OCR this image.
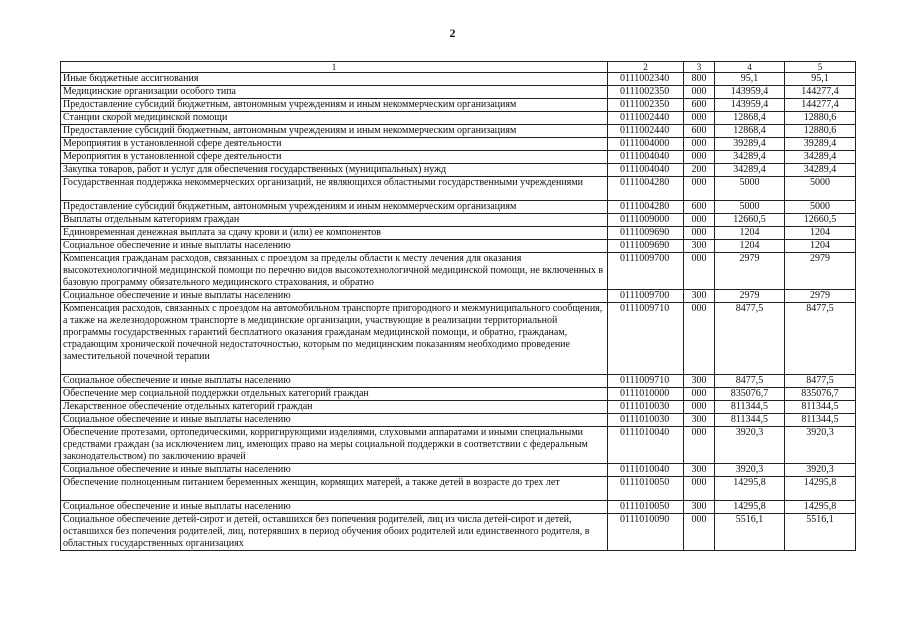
2
1	2	3	4	5
Иные бюджетные ассигнования	0111002340	800	95,1	95,1
Медицинские организации особого типа	0111002350	000	143959,4	144277,4
Предоставление субсидий бюджетным, автономным учреждениям и иным некоммерческим организациям	0111002350	600	143959,4	144277,4
Станции скорой медицинской помощи	0111002440	000	12868,4	12880,6
Предоставление субсидий бюджетным, автономным учреждениям и иным некоммерческим организациям	0111002440	600	12868,4	12880,6
Мероприятия в установленной сфере деятельности	0111004000	000	39289,4	39289,4
Мероприятия в установленной сфере деятельности	0111004040	000	34289,4	34289,4
Закупка товаров, работ и услуг для обеспечения государственных (муниципальных) нужд	0111004040	200	34289,4	34289,4
Государственная поддержка некоммерческих организаций, не являющихся областными государственными учреждениями	0111004280	000	5000	5000
Предоставление субсидий бюджетным, автономным учреждениям и иным некоммерческим организациям	0111004280	600	5000	5000
Выплаты отдельным категориям граждан	0111009000	000	12660,5	12660,5
Единовременная денежная выплата за сдачу крови и (или) ее компонентов	0111009690	000	1204	1204
Социальное обеспечение и иные выплаты населению	0111009690	300	1204	1204
Компенсация гражданам расходов, связанных с проездом за пределы области к месту лечения для оказания высокотехнологичной медицинской помощи по перечню видов высокотехнологичной медицинской помощи, не включенных в базовую программу обязательного медицинского страхования, и обратно	0111009700	000	2979	2979
Социальное обеспечение и иные выплаты населению	0111009700	300	2979	2979
Компенсация расходов, связанных с проездом на автомобильном транспорте пригородного и межмуниципального сообщения, а также на железнодорожном транспорте в медицинские организации, участвующие в реализации территориальной программы государственных гарантий бесплатного оказания гражданам медицинской помощи, и обратно, гражданам, страдающим хронической почечной недостаточностью, которым по медицинским показаниям необходимо проведение заместительной почечной терапии	0111009710	000	8477,5	8477,5
Социальное обеспечение и иные выплаты населению	0111009710	300	8477,5	8477,5
Обеспечение мер социальной поддержки отдельных категорий граждан	0111010000	000	835076,7	835076,7
Лекарственное обеспечение отдельных категорий граждан	0111010030	000	811344,5	811344,5
Социальное обеспечение и иные выплаты населению	0111010030	300	811344,5	811344,5
Обеспечение протезами, ортопедическими, корригирующими изделиями, слуховыми аппаратами и иными специальными средствами граждан (за исключением лиц, имеющих право на меры социальной поддержки в соответствии с федеральным законодательством) по заключению врачей	0111010040	000	3920,3	3920,3
Социальное обеспечение и иные выплаты населению	0111010040	300	3920,3	3920,3
Обеспечение полноценным питанием беременных женщин, кормящих матерей, а также детей в возрасте до трех лет	0111010050	000	14295,8	14295,8
Социальное обеспечение и иные выплаты населению	0111010050	300	14295,8	14295,8
Социальное обеспечение детей-сирот и детей, оставшихся без попечения родителей, лиц из числа детей-сирот и детей, оставшихся без попечения родителей, лиц, потерявших в период обучения обоих родителей или единственного родителя, в областных государственных организациях	0111010090	000	5516,1	5516,1
